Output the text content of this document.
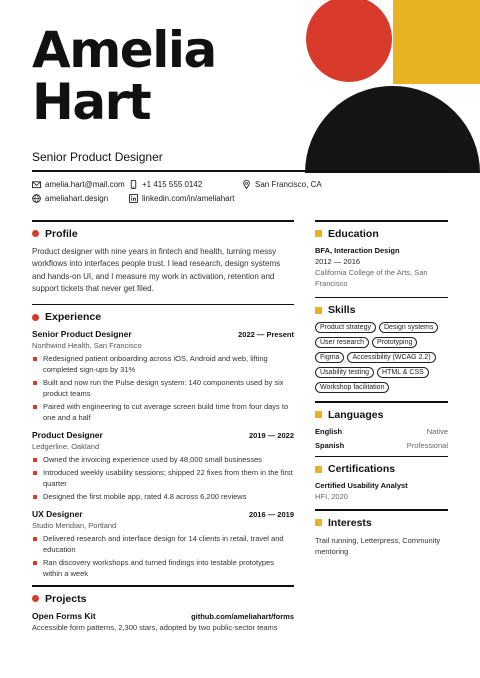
Amelia
Hart
Senior Product Designer
amelia.hart@mail.com +1 415 555 0142	San Francisco, CA
ameliahart.design	linkedin.com/in/ameliahart
Profile

Product designer with nine years in fintech and health, turning messy workflows into interfaces people trust. I lead research, design systems and hands-on UI, and I measure my work in activation, retention and support tickets that never get filed.

Experience
Senior Product Designer	2022 — Present
Northwind Health, San Francisco
Redesigned patient onboarding across iOS, Android and web, lifting completed sign-ups by 31%
Built and now run the Pulse design system: 140 components used by six product teams
Paired with engineering to cut average screen build time from four days to one and a half
Product Designer	2019 — 2022
Ledgerline, Oakland
Owned the invoicing experience used by 48,000 small businesses
Introduced weekly usability sessions; shipped 22 fixes from them in the first quarter
Designed the first mobile app, rated 4.8 across 6,200 reviews
UX Designer	2016 — 2019
Studio Meridian, Portland
Delivered research and interface design for 14 clients in retail, travel and education
Ran discovery workshops and turned findings into testable prototypes within a week
Projects
Open Forms Kit	github.com/ameliahart/forms
Accessible form patterns, 2,300 stars, adopted by two public-sector teams
Education
BFA, Interaction Design
2012 — 2016
California College of the Arts, San Francisco
Skills
Product strategy	Design systems
User research	Prototyping
Figma	Accessibility (WCAG 2.2)
Usability testing	HTML & CSS
Workshop facilitation
Languages
English	Native
Spanish	Professional
Certifications
Certified Usability Analyst
HFI, 2020
Interests
Trail running, Letterpress, Community mentoring
